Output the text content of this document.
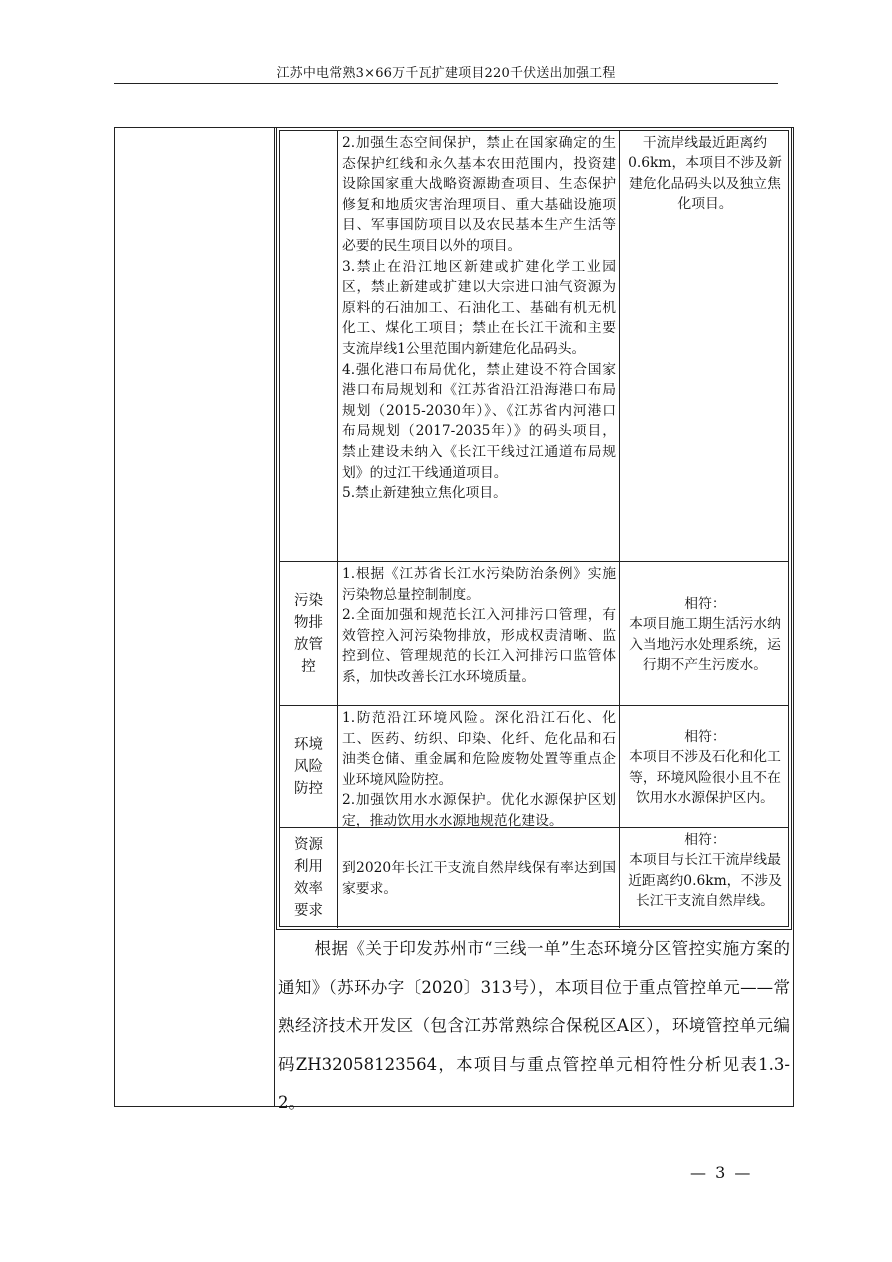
江苏中电常熟3×66万千瓦扩建项目220千伏送出加强工程

2.加强生态空间保护，禁止在国家确定的生态保护红线和永久基本农田范围内，投资建设除国家重大战略资源勘查项目、生态保护修复和地质灾害治理项目、重大基础设施项目、军事国防项目以及农民基本生产生活等必要的民生项目以外的项目。

3.禁止在沿江地区新建或扩建化学工业园区，禁止新建或扩建以大宗进口油气资源为原料的石油加工、石油化工、基础有机无机化工、煤化工项目；禁止在长江干流和主要支流岸线1公里范围内新建危化品码头。

4.强化港口布局优化，禁止建设不符合国家港口布局规划和《江苏省沿江沿海港口布局规划（2015-2030年）》、《江苏省内河港口布局规划（2017-2035年）》的码头项目，禁止建设未纳入《长江干线过江通道布局规划》的过江干线通道项目。

5.禁止新建独立焦化项目。

干流岸线最近距离约0.6km，本项目不涉及新建危化品码头以及独立焦化项目。

污染物排放管控

1.根据《江苏省长江水污染防治条例》实施污染物总量控制制度。

2.全面加强和规范长江入河排污口管理，有效管控入河污染物排放，形成权责清晰、监控到位、管理规范的长江入河排污口监管体系，加快改善长江水环境质量。

相符：

本项目施工期生活污水纳入当地污水处理系统，运行期不产生污废水。

环境风险防控

1.防范沿江环境风险。深化沿江石化、化工、医药、纺织、印染、化纤、危化品和石油类仓储、重金属和危险废物处置等重点企业环境风险防控。

2.加强饮用水水源保护。优化水源保护区划定，推动饮用水水源地规范化建设。

相符：

本项目不涉及石化和化工等，环境风险很小且不在饮用水水源保护区内。

资源利用效率要求

到2020年长江干支流自然岸线保有率达到国家要求。

相符：

本项目与长江干流岸线最近距离约0.6km，不涉及长江干支流自然岸线。

根据《关于印发苏州市“三线一单”生态环境分区管控实施方案的通知》（苏环办字〔2020〕313号），本项目位于重点管控单元——常熟经济技术开发区（包含江苏常熟综合保税区A区），环境管控单元编码ZH32058123564，本项目与重点管控单元相符性分析见表1.3-2。
— 3 —
